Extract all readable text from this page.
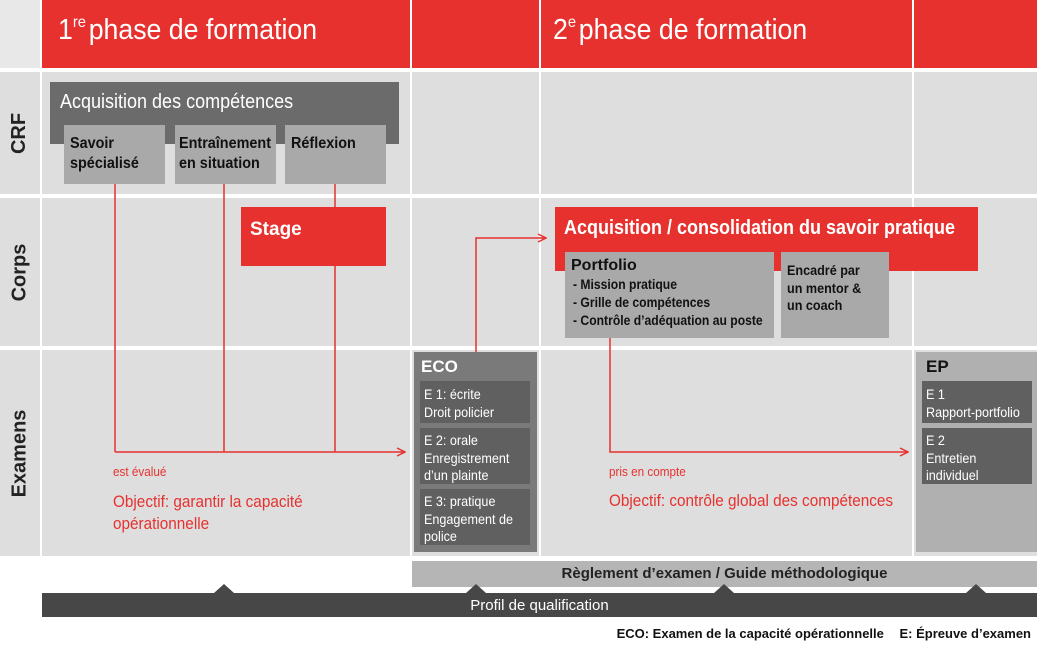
1rephase de formation	2ephase de formation
CRF
Corps
Examens
Acquisition des compétences
Savoir
spécialisé
Entraînement
en situation
Réflexion
Stage	Acquisition / consolidation du savoir pratique
Portfolio
- Mission pratique
- Grille de compétences
- Contrôle d’adéquation au poste
Encadré par
un mentor &
un coach
ECO
E 1: écrite
Droit policier
E 2: orale
Enregistrement
d’un plainte
E 3: pratique
Engagement de
police
EP
E 1
Rapport-portfolio
E 2
Entretien
individuel
est évalué
Objectif: garantir la capacité
opérationnelle
pris en compte
Objectif: contrôle global des compétences
Règlement d’examen / Guide méthodologique
Profil de qualification
ECO: Examen de la capacité opérationnelle E: Épreuve d’examen
